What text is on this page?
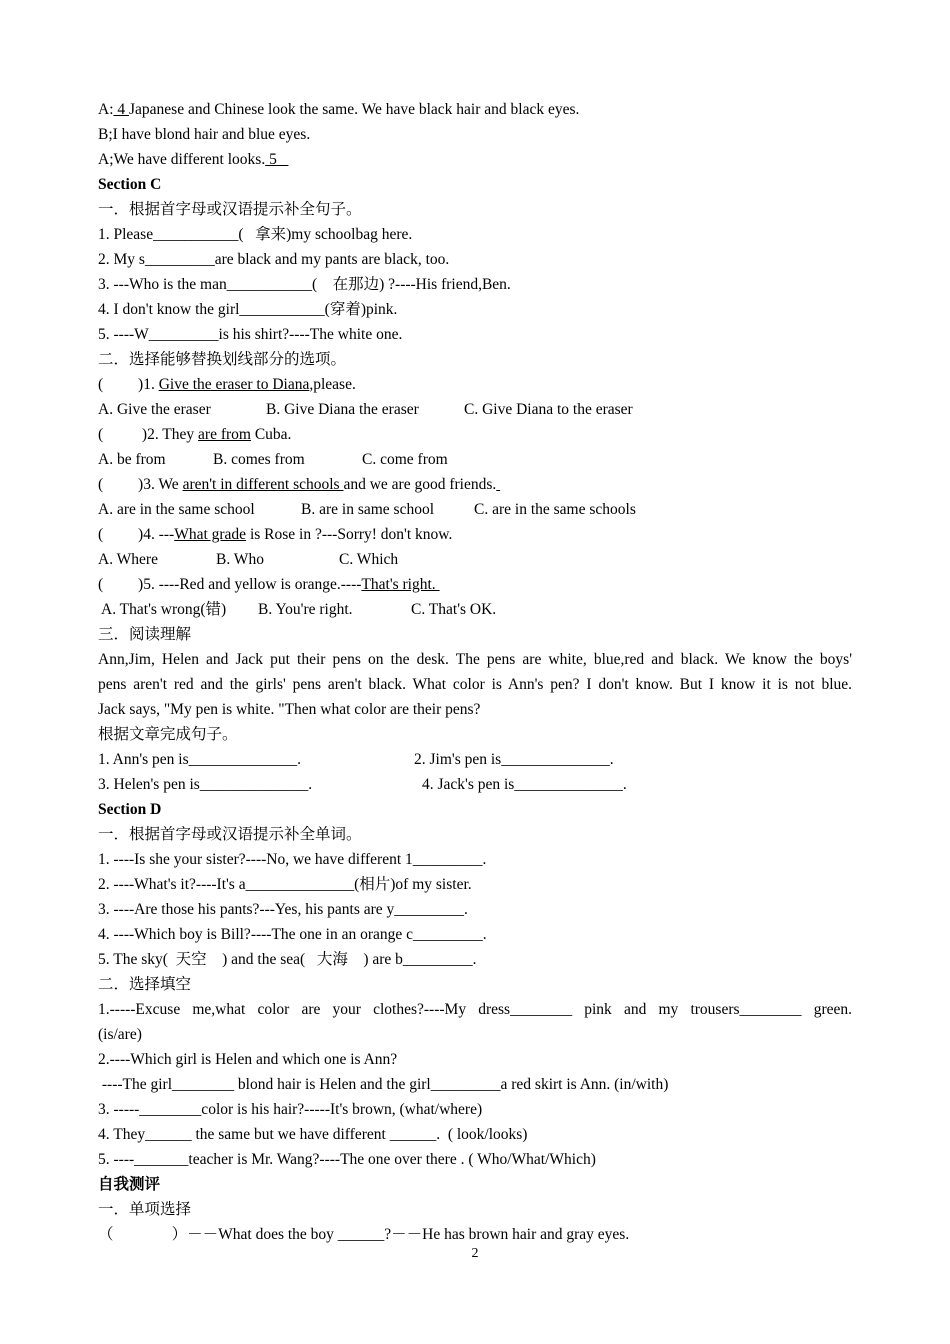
A: 4 Japanese and Chinese look the same. We have black hair and black eyes.
B;I have blond hair and blue eyes.
A;We have different looks. 5
Section C
一．根据首字母或汉语提示补全句子。
1. Please___________(   拿来)my schoolbag here.
2. My s_________are black and my pants are black, too.
3. ---Who is the man___________(    在那边) ?----His friend,Ben.
4. I don't know the girl___________(穿着)pink.
5. ----W_________is his shirt?----The white one.
二．选择能够替换划线部分的选项。
(         )1. Give the eraser to Diana,please.
A. Give the eraser	B. Give Diana the eraser	C. Give Diana to the eraser
(          )2. They are from Cuba.
A. be from	B. comes from	C. come from
(         )3. We aren't in different schools and we are good friends.
A. are in the same school	B. are in same school	C. are in the same schools
(         )4. ---What grade is Rose in ?---Sorry! don't know.
A. Where	B. Who	C. Which
(         )5. ----Red and yellow is orange.----That's right.
A. That's wrong(错)	B. You're right.	C. That's OK.
三．阅读理解
Ann,Jim, Helen and Jack put their pens on the desk. The pens are white, blue,red and black. We know the boys'
pens aren't red and the girls' pens aren't black. What color is Ann's pen? I don't know. But I know it is not blue.
Jack says, "My pen is white. "Then what color are their pens?
根据文章完成句子。
1. Ann's pen is______________.	2. Jim's pen is______________.
3. Helen's pen is______________.	4. Jack's pen is______________.
Section D
一．根据首字母或汉语提示补全单词。
1. ----Is she your sister?----No, we have different 1_________.
2. ----What's it?----It's a______________(相片)of my sister.
3. ----Are those his pants?---Yes, his pants are y_________.
4. ----Which boy is Bill?----The one in an orange c_________.
5. The sky(  天空    ) and the sea(   大海    ) are b_________.
二．选择填空
1.-----Excuse me,what color are your clothes?----My dress________ pink and my trousers________ green.
(is/are)
2.----Which girl is Helen and which one is Ann?
----The girl________ blond hair is Helen and the girl_________a red skirt is Ann. (in/with)
3. -----________color is his hair?-----It's brown, (what/where)
4. They______ the same but we have different ______.  ( look/looks)
5. ----_______teacher is Mr. Wang?----The one over there . ( Who/What/Which)
自我测评
一．单项选择
（               ）－－What does the boy ______?－－He has brown hair and gray eyes.
2
